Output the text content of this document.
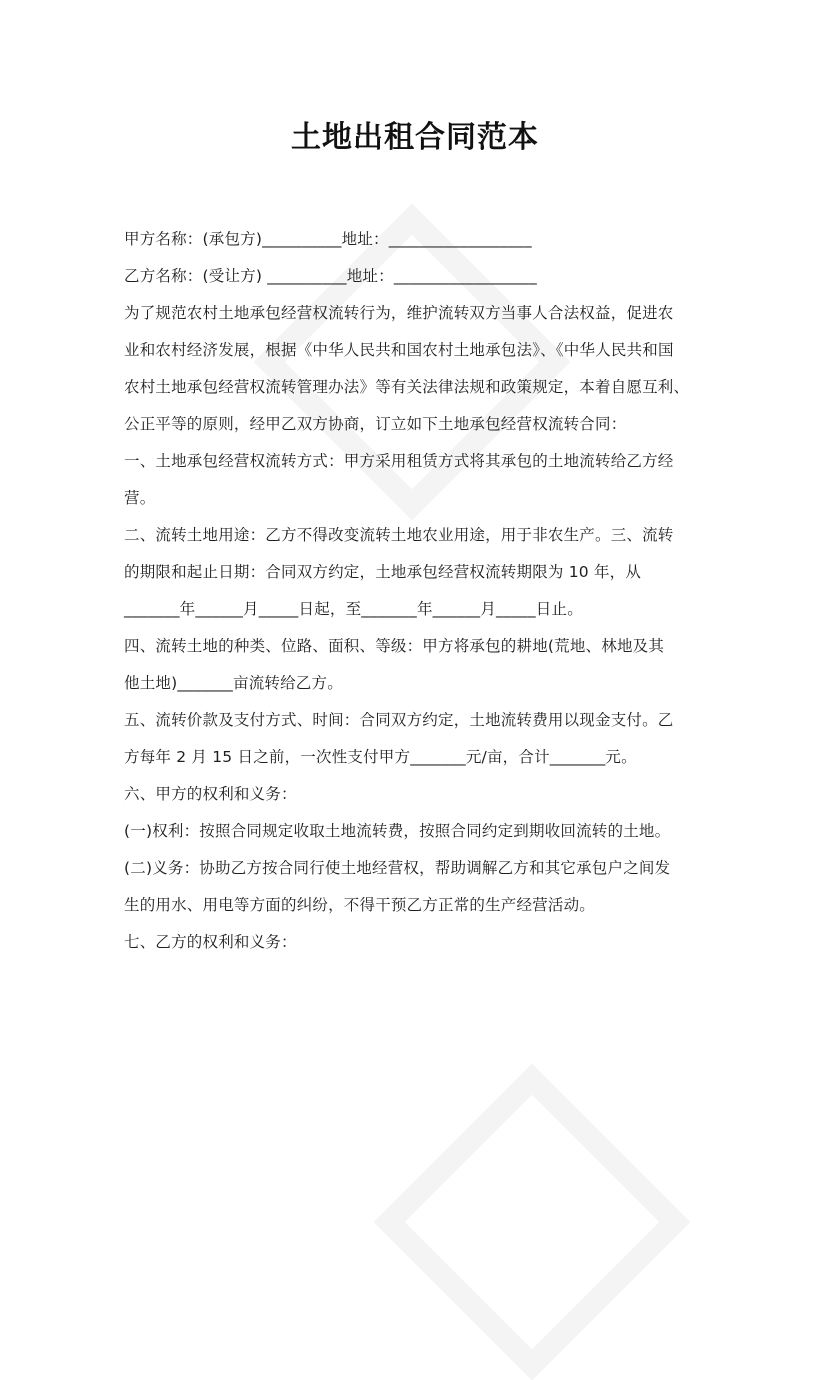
土地出租合同范本
甲方名称：(承包方)__________地址：__________________
乙方名称：(受让方) __________地址：__________________
为了规范农村土地承包经营权流转行为，维护流转双方当事人合法权益，促进农
业和农村经济发展，根据《中华人民共和国农村土地承包法》、《中华人民共和国
农村土地承包经营权流转管理办法》等有关法律法规和政策规定，本着自愿互利、
公正平等的原则，经甲乙双方协商，订立如下土地承包经营权流转合同：
一、土地承包经营权流转方式：甲方采用租赁方式将其承包的土地流转给乙方经
营。
二、流转土地用途：乙方不得改变流转土地农业用途，用于非农生产。三、流转
的期限和起止日期：合同双方约定，土地承包经营权流转期限为 10 年，从
_______年______月_____日起，至_______年______月_____日止。
四、流转土地的种类、位路、面积、等级：甲方将承包的耕地(荒地、林地及其
他土地)_______亩流转给乙方。
五、流转价款及支付方式、时间：合同双方约定，土地流转费用以现金支付。乙
方每年 2 月 15 日之前，一次性支付甲方_______元/亩，合计_______元。
六、甲方的权利和义务：
(一)权利：按照合同规定收取土地流转费，按照合同约定到期收回流转的土地。
(二)义务：协助乙方按合同行使土地经营权，帮助调解乙方和其它承包户之间发
生的用水、用电等方面的纠纷，不得干预乙方正常的生产经营活动。
七、乙方的权利和义务：
